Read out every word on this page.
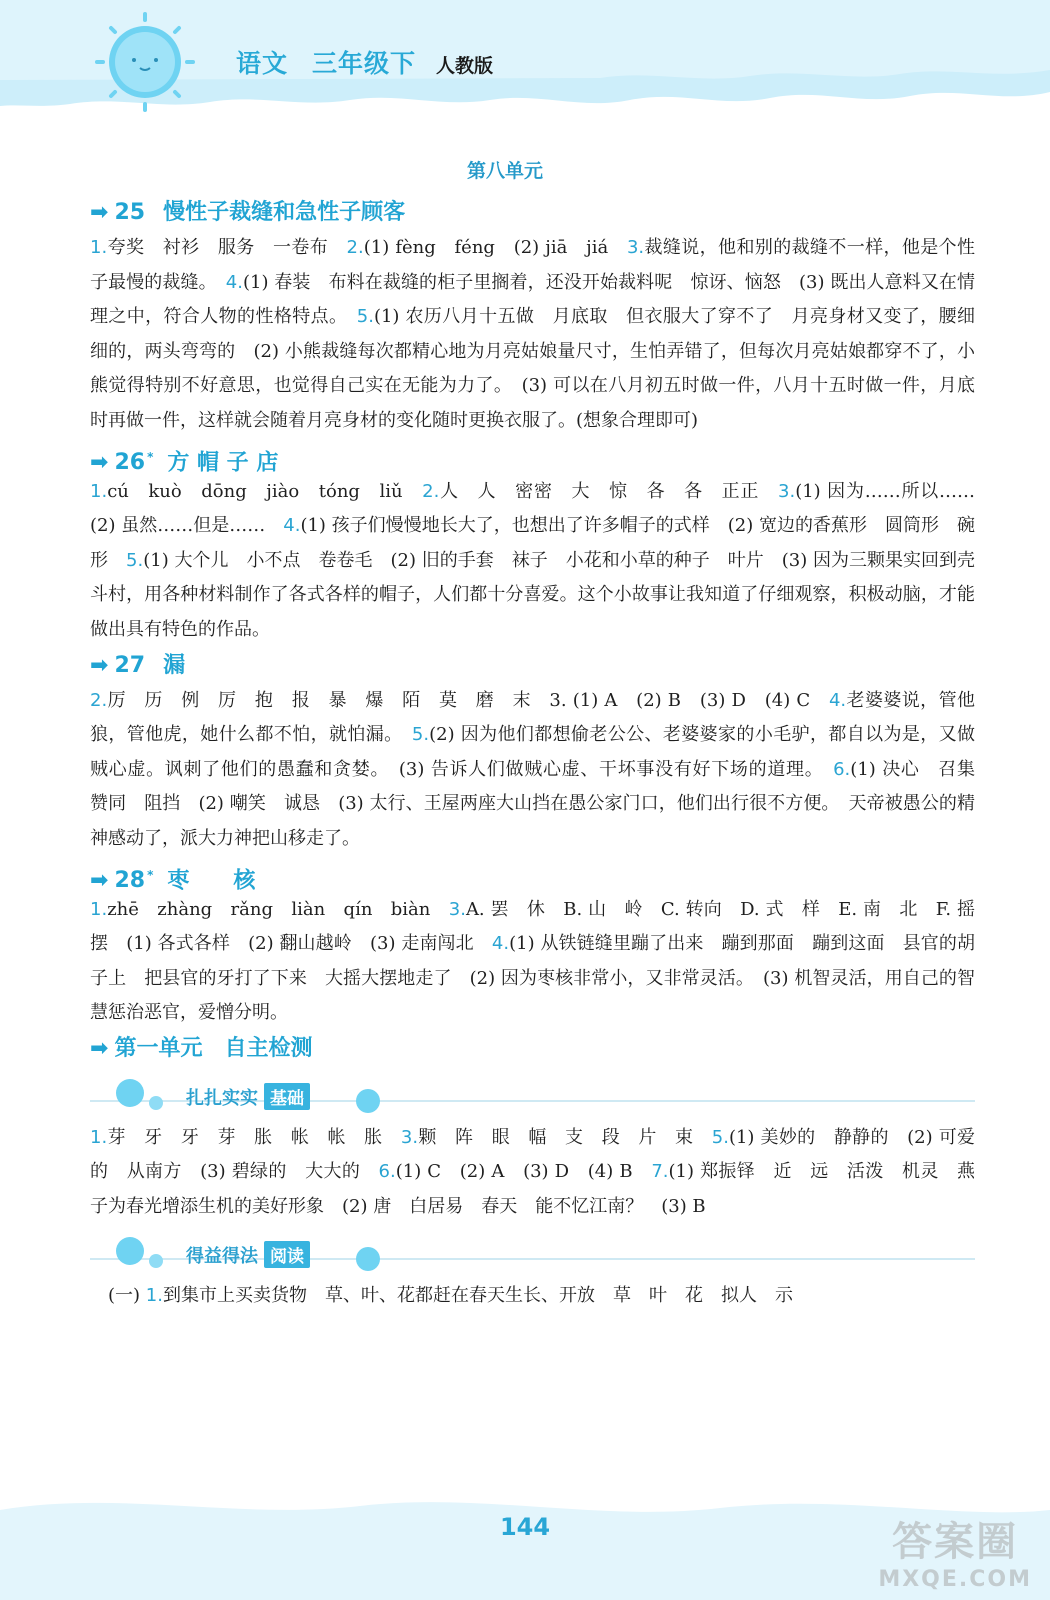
语文 三年级下 人教版
第八单元
➡ 25 慢性子裁缝和急性子顾客
1.夸奖　衬衫　服务　一卷布　 2.(1) fèng　féng　(2) jiā　jiá　 3.裁缝说，他和别的裁缝不一样，他是个性子最慢的裁缝。　 4.(1) 春装　布料在裁缝的柜子里搁着，还没开始裁料呢　惊讶、恼怒　(3) 既出人意料又在情理之中，符合人物的性格特点。　 5.(1) 农历八月十五做　月底取　但衣服大了穿不了　月亮身材又变了，腰细细的，两头弯弯的　(2) 小熊裁缝每次都精心地为月亮姑娘量尺寸，生怕弄错了，但每次月亮姑娘都穿不了，小熊觉得特别不好意思，也觉得自己实在无能为力了。　(3) 可以在八月初五时做一件，八月十五时做一件，月底时再做一件，这样就会随着月亮身材的变化随时更换衣服了。(想象合理即可)
➡ 26 * 方 帽 子 店
1.cú　kuò　dōng　jiào　tóng　liǔ　 2.人　人　密密　大　惊　各　各　正正　 3.(1) 因为……所以……　(2) 虽然……但是……　 4.(1) 孩子们慢慢地长大了，也想出了许多帽子的式样　(2) 宽边的香蕉形　圆筒形　碗形　 5.(1) 大个儿　小不点　卷卷毛　(2) 旧的手套　袜子　小花和小草的种子　叶片　(3) 因为三颗果实回到壳斗村，用各种材料制作了各式各样的帽子，人们都十分喜爱。这个小故事让我知道了仔细观察，积极动脑，才能做出具有特色的作品。
➡ 27 漏
2.厉　历　例　厉　抱　报　暴　爆　陌　莫　磨　末　3. (1) A　(2) B　(3) D　(4) C　 4.老婆婆说，管他狼，管他虎，她什么都不怕，就怕漏。　 5.(2) 因为他们都想偷老公公、老婆婆家的小毛驴，都自以为是，又做贼心虚。讽刺了他们的愚蠢和贪婪。　(3) 告诉人们做贼心虚、干坏事没有好下场的道理。　 6.(1) 决心　召集　赞同　阻挡　(2) 嘲笑　诚恳　(3) 太行、王屋两座大山挡在愚公家门口，他们出行很不方便。　天帝被愚公的精神感动了，派大力神把山移走了。
➡ 28 * 枣　　核
1.zhē　zhàng　rǎng　liàn　qín　biàn　 3.A. 罢　休　B. 山　岭　C. 转向　D. 式　样　E. 南　北　F. 摇　摆　(1) 各式各样　(2) 翻山越岭　(3) 走南闯北　 4.(1) 从铁链缝里蹦了出来　蹦到那面　蹦到这面　县官的胡子上　把县官的牙打了下来　大摇大摆地走了　(2) 因为枣核非常小，又非常灵活。　(3) 机智灵活，用自己的智慧惩治恶官，爱憎分明。
➡ 第一单元　自主检测
扎扎实实 基础
1.芽　牙　牙　芽　胀　帐　帐　胀　 3.颗　阵　眼　幅　支　段　片　束　 5.(1) 美妙的　静静的　(2) 可爱的　从南方　(3) 碧绿的　大大的　 6.(1) C　(2) A　(3) D　(4) B　 7.(1) 郑振铎　近　远　活泼　机灵　燕子为春光增添生机的美好形象　(2) 唐　白居易　春天　能不忆江南？　(3) B
得益得法 阅读
　(一) 1.到集市上买卖货物　草、叶、花都赶在春天生长、开放　草　叶　花　拟人　示
144	答案圈
MXQE.COM
